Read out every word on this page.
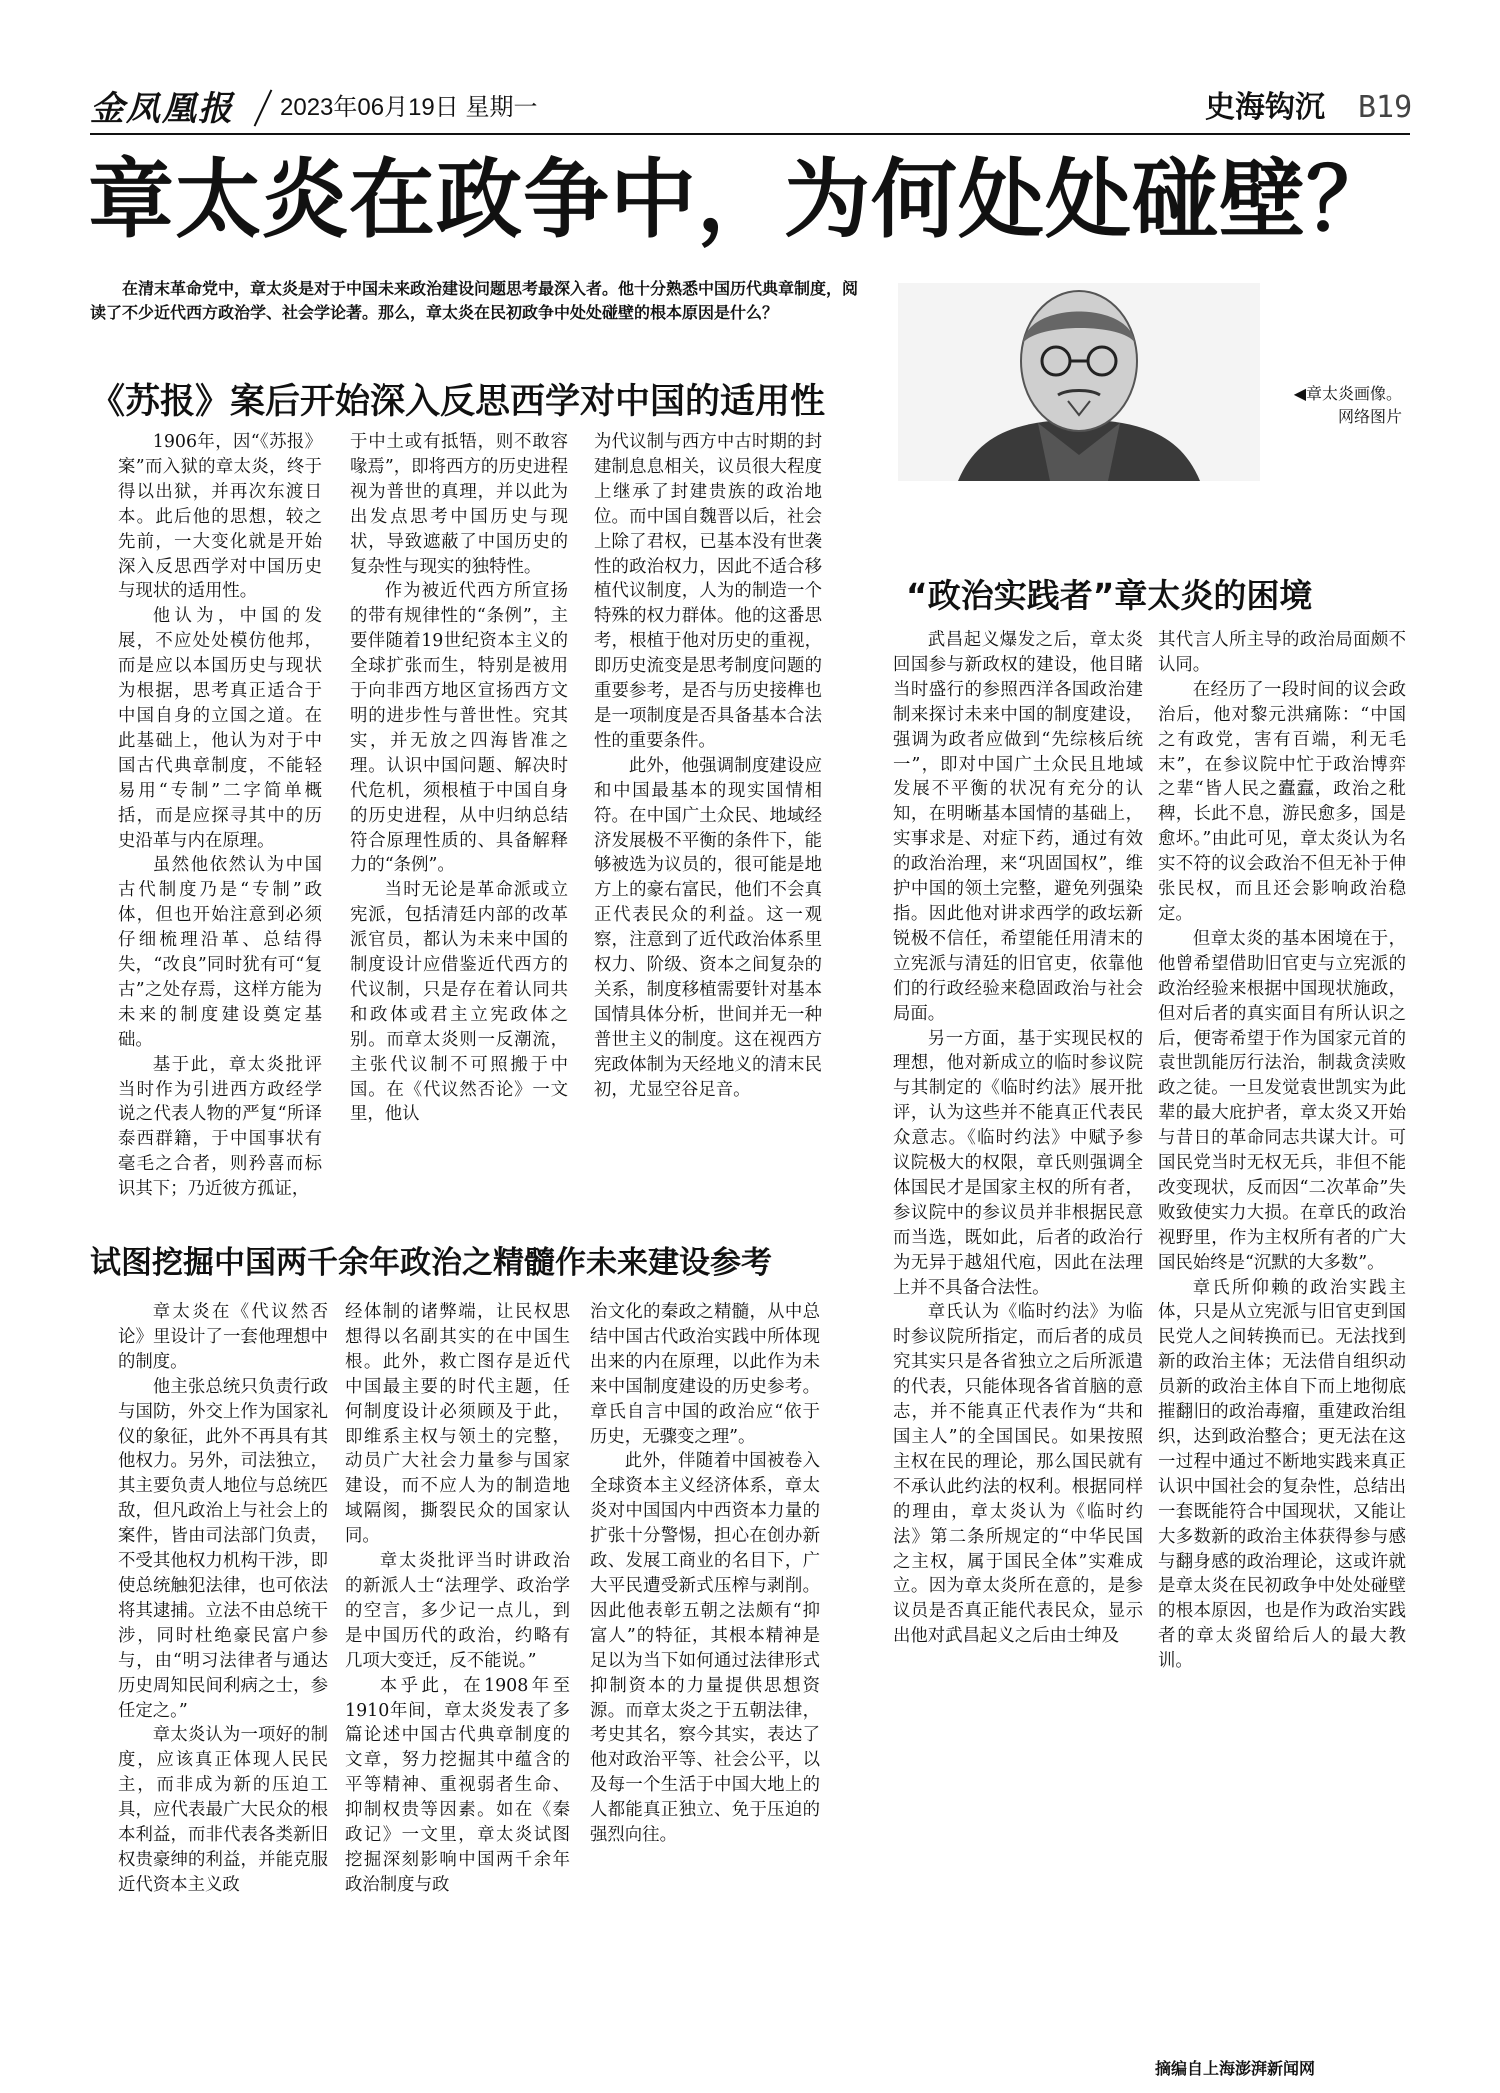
金凤凰报	2023年06月19日 星期一	史海钩沉 B19
章太炎在政争中，为何处处碰壁？
在清末革命党中，章太炎是对于中国未来政治建设问题思考最深入者。他十分熟悉中国历代典章制度，阅读了不少近代西方政治学、社会学论著。那么，章太炎在民初政争中处处碰壁的根本原因是什么？
◀章太炎画像。
网络图片
《苏报》案后开始深入反思西学对中国的适用性

1906年，因“《苏报》案”而入狱的章太炎，终于得以出狱，并再次东渡日本。此后他的思想，较之先前，一大变化就是开始深入反思西学对中国历史与现状的适用性。

他认为，中国的发展，不应处处模仿他邦，而是应以本国历史与现状为根据，思考真正适合于中国自身的立国之道。在此基础上，他认为对于中国古代典章制度，不能轻易用“专制”二字简单概括，而是应探寻其中的历史沿革与内在原理。

虽然他依然认为中国古代制度乃是“专制”政体，但也开始注意到必须仔细梳理沿革、总结得失，“改良”同时犹有可“复古”之处存焉，这样方能为未来的制度建设奠定基础。

基于此，章太炎批评当时作为引进西方政经学说之代表人物的严复“所译泰西群籍，于中国事状有毫毛之合者，则矜喜而标识其下；乃近彼方孤证，

于中土或有抵牾，则不敢容喙焉”，即将西方的历史进程视为普世的真理，并以此为出发点思考中国历史与现状，导致遮蔽了中国历史的复杂性与现实的独特性。

作为被近代西方所宣扬的带有规律性的“条例”，主要伴随着19世纪资本主义的全球扩张而生，特别是被用于向非西方地区宣扬西方文明的进步性与普世性。究其实，并无放之四海皆准之理。认识中国问题、解决时代危机，须根植于中国自身的历史进程，从中归纳总结符合原理性质的、具备解释力的“条例”。

当时无论是革命派或立宪派，包括清廷内部的改革派官员，都认为未来中国的制度设计应借鉴近代西方的代议制，只是存在着认同共和政体或君主立宪政体之别。而章太炎则一反潮流，主张代议制不可照搬于中国。在《代议然否论》一文里，他认

为代议制与西方中古时期的封建制息息相关，议员很大程度上继承了封建贵族的政治地位。而中国自魏晋以后，社会上除了君权，已基本没有世袭性的政治权力，因此不适合移植代议制度，人为的制造一个特殊的权力群体。他的这番思考，根植于他对历史的重视，即历史流变是思考制度问题的重要参考，是否与历史接榫也是一项制度是否具备基本合法性的重要条件。

此外，他强调制度建设应和中国最基本的现实国情相符。在中国广土众民、地域经济发展极不平衡的条件下，能够被选为议员的，很可能是地方上的豪右富民，他们不会真正代表民众的利益。这一观察，注意到了近代政治体系里权力、阶级、资本之间复杂的关系，制度移植需要针对基本国情具体分析，世间并无一种普世主义的制度。这在视西方宪政体制为天经地义的清末民初，尤显空谷足音。

试图挖掘中国两千余年政治之精髓作未来建设参考

章太炎在《代议然否论》里设计了一套他理想中的制度。

他主张总统只负责行政与国防，外交上作为国家礼仪的象征，此外不再具有其他权力。另外，司法独立，其主要负责人地位与总统匹敌，但凡政治上与社会上的案件，皆由司法部门负责，不受其他权力机构干涉，即使总统触犯法律，也可依法将其逮捕。立法不由总统干涉，同时杜绝豪民富户参与，由“明习法律者与通达历史周知民间利病之士，参任定之。”

章太炎认为一项好的制度，应该真正体现人民民主，而非成为新的压迫工具，应代表最广大民众的根本利益，而非代表各类新旧权贵豪绅的利益，并能克服近代资本主义政

经体制的诸弊端，让民权思想得以名副其实的在中国生根。此外，救亡图存是近代中国最主要的时代主题，任何制度设计必须顾及于此，即维系主权与领土的完整，动员广大社会力量参与国家建设，而不应人为的制造地域隔阂，撕裂民众的国家认同。

章太炎批评当时讲政治的新派人士“法理学、政治学的空言，多少记一点儿，到是中国历代的政治，约略有几项大变迁，反不能说。”

本乎此，在1908年至1910年间，章太炎发表了多篇论述中国古代典章制度的文章，努力挖掘其中蕴含的平等精神、重视弱者生命、抑制权贵等因素。如在《秦政记》一文里，章太炎试图挖掘深刻影响中国两千余年政治制度与政

治文化的秦政之精髓，从中总结中国古代政治实践中所体现出来的内在原理，以此作为未来中国制度建设的历史参考。章氏自言中国的政治应“依于历史，无骤变之理”。

此外，伴随着中国被卷入全球资本主义经济体系，章太炎对中国国内中西资本力量的扩张十分警惕，担心在创办新政、发展工商业的名目下，广大平民遭受新式压榨与剥削。因此他表彰五朝之法颇有“抑富人”的特征，其根本精神是足以为当下如何通过法律形式抑制资本的力量提供思想资源。而章太炎之于五朝法律，考史其名，察今其实，表达了他对政治平等、社会公平，以及每一个生活于中国大地上的人都能真正独立、免于压迫的强烈向往。

“政治实践者”章太炎的困境

武昌起义爆发之后，章太炎回国参与新政权的建设，他目睹当时盛行的参照西洋各国政治建制来探讨未来中国的制度建设，强调为政者应做到“先综核后统一”，即对中国广土众民且地域发展不平衡的状况有充分的认知，在明晰基本国情的基础上，实事求是、对症下药，通过有效的政治治理，来“巩固国权”，维护中国的领土完整，避免列强染指。因此他对讲求西学的政坛新锐极不信任，希望能任用清末的立宪派与清廷的旧官吏，依靠他们的行政经验来稳固政治与社会局面。

另一方面，基于实现民权的理想，他对新成立的临时参议院与其制定的《临时约法》展开批评，认为这些并不能真正代表民众意志。《临时约法》中赋予参议院极大的权限，章氏则强调全体国民才是国家主权的所有者，参议院中的参议员并非根据民意而当选，既如此，后者的政治行为无异于越俎代庖，因此在法理上并不具备合法性。

章氏认为《临时约法》为临时参议院所指定，而后者的成员究其实只是各省独立之后所派遣的代表，只能体现各省首脑的意志，并不能真正代表作为“共和国主人”的全国国民。如果按照主权在民的理论，那么国民就有不承认此约法的权利。根据同样的理由，章太炎认为《临时约法》第二条所规定的“中华民国之主权，属于国民全体”实难成立。因为章太炎所在意的，是参议员是否真正能代表民众，显示出他对武昌起义之后由士绅及

其代言人所主导的政治局面颇不认同。

在经历了一段时间的议会政治后，他对黎元洪痛陈：“中国之有政党，害有百端，利无毛末”，在参议院中忙于政治博弈之辈“皆人民之蠹蠧，政治之秕稗，长此不息，游民愈多，国是愈坏。”由此可见，章太炎认为名实不符的议会政治不但无补于伸张民权，而且还会影响政治稳定。

但章太炎的基本困境在于，他曾希望借助旧官吏与立宪派的政治经验来根据中国现状施政，但对后者的真实面目有所认识之后，便寄希望于作为国家元首的袁世凯能厉行法治，制裁贪渎败政之徒。一旦发觉袁世凯实为此辈的最大庇护者，章太炎又开始与昔日的革命同志共谋大计。可国民党当时无权无兵，非但不能改变现状，反而因“二次革命”失败致使实力大损。在章氏的政治视野里，作为主权所有者的广大国民始终是“沉默的大多数”。

章氏所仰赖的政治实践主体，只是从立宪派与旧官吏到国民党人之间转换而已。无法找到新的政治主体；无法借自组织动员新的政治主体自下而上地彻底摧翻旧的政治毒瘤，重建政治组织，达到政治整合；更无法在这一过程中通过不断地实践来真正认识中国社会的复杂性，总结出一套既能符合中国现状，又能让大多数新的政治主体获得参与感与翻身感的政治理论，这或许就是章太炎在民初政争中处处碰壁的根本原因，也是作为政治实践者的章太炎留给后人的最大教训。

摘编自上海澎湃新闻网
